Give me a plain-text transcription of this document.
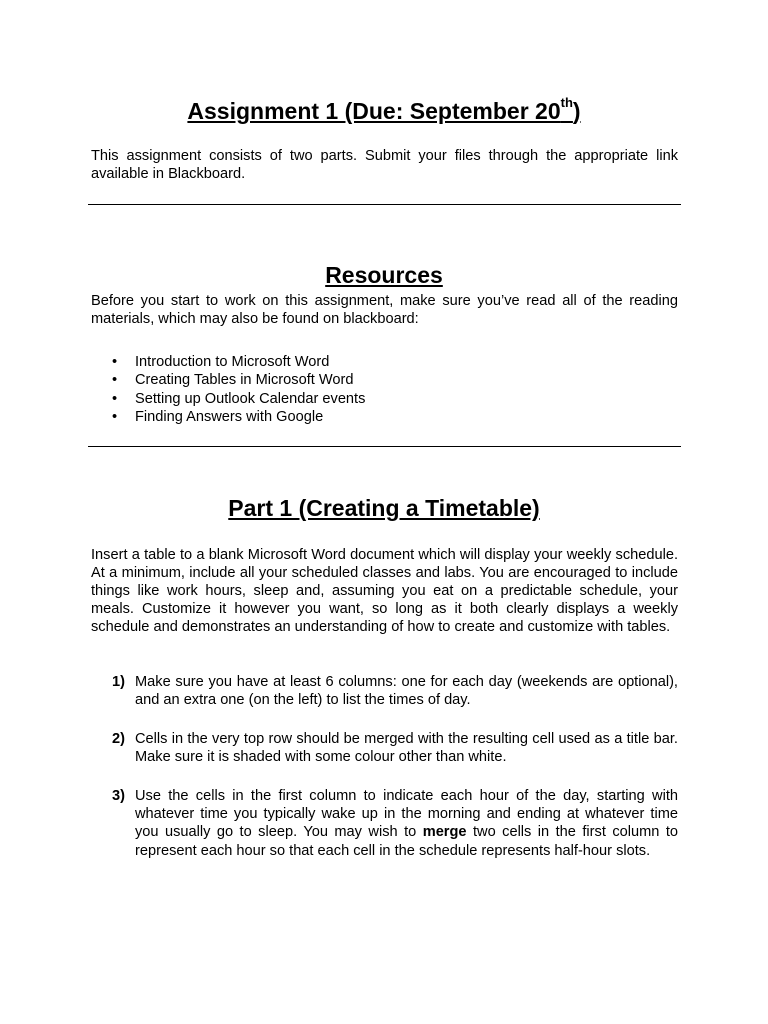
Assignment 1 (Due: September 20th)
This assignment consists of two parts. Submit your files through the appropriate link available in Blackboard.
Resources
Before you start to work on this assignment, make sure you’ve read all of the reading materials, which may also be found on blackboard:
• Introduction to Microsoft Word
• Creating Tables in Microsoft Word
• Setting up Outlook Calendar events
• Finding Answers with Google
Part 1 (Creating a Timetable)
Insert a table to a blank Microsoft Word document which will display your weekly schedule. At a minimum, include all your scheduled classes and labs. You are encouraged to include things like work hours, sleep and, assuming you eat on a predictable schedule, your meals. Customize it however you want, so long as it both clearly displays a weekly schedule and demonstrates an understanding of how to create and customize with tables.
1) Make sure you have at least 6 columns: one for each day (weekends are optional), and an extra one (on the left) to list the times of day.
2) Cells in the very top row should be merged with the resulting cell used as a title bar. Make sure it is shaded with some colour other than white.
3) Use the cells in the first column to indicate each hour of the day, starting with whatever time you typically wake up in the morning and ending at whatever time you usually go to sleep. You may wish to merge two cells in the first column to represent each hour so that each cell in the schedule represents half-hour slots.
